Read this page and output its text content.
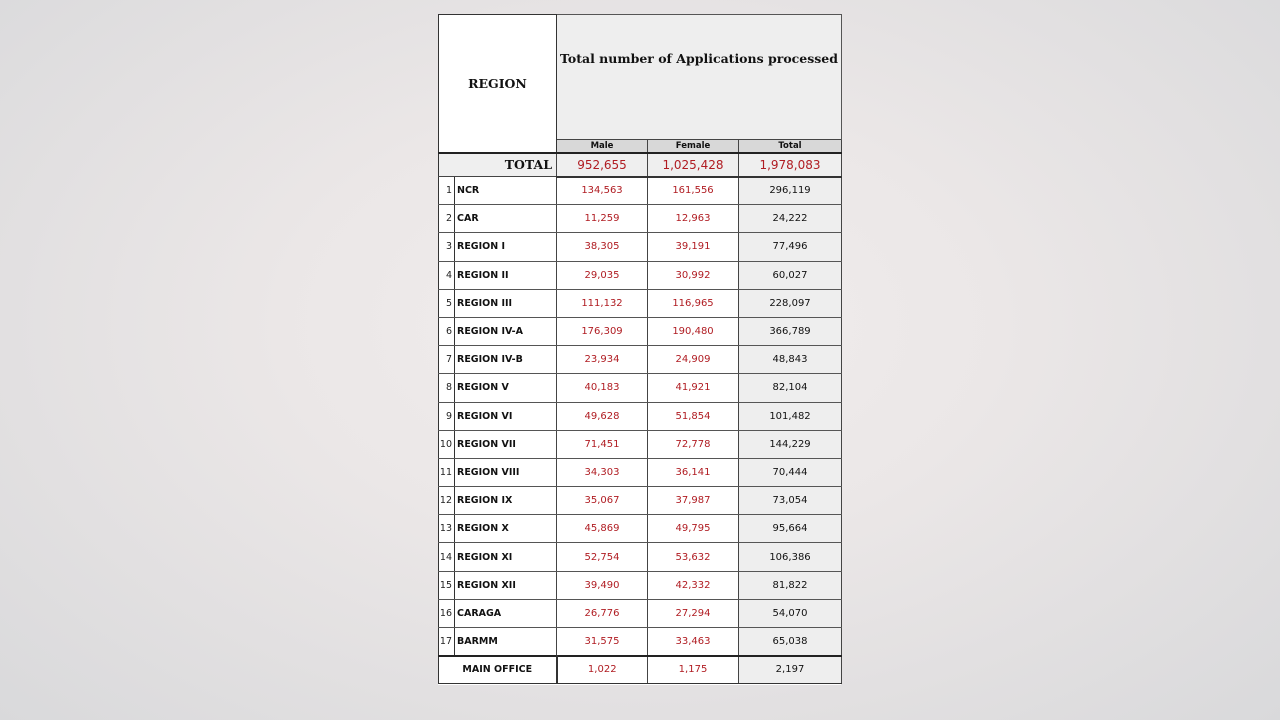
REGION		Total number of Applications processed		
		Male	Female	Total
TOTAL		952,655	1,025,428	1,978,083
1	NCR	134,563	161,556	296,119
2	CAR	11,259	12,963	24,222
3	REGION I	38,305	39,191	77,496
4	REGION II	29,035	30,992	60,027
5	REGION III	111,132	116,965	228,097
6	REGION IV-A	176,309	190,480	366,789
7	REGION IV-B	23,934	24,909	48,843
8	REGION V	40,183	41,921	82,104
9	REGION VI	49,628	51,854	101,482
10	REGION VII	71,451	72,778	144,229
11	REGION VIII	34,303	36,141	70,444
12	REGION IX	35,067	37,987	73,054
13	REGION X	45,869	49,795	95,664
14	REGION XI	52,754	53,632	106,386
15	REGION XII	39,490	42,332	81,822
16	CARAGA	26,776	27,294	54,070
17	BARMM	31,575	33,463	65,038
MAIN OFFICE		1,022	1,175	2,197
